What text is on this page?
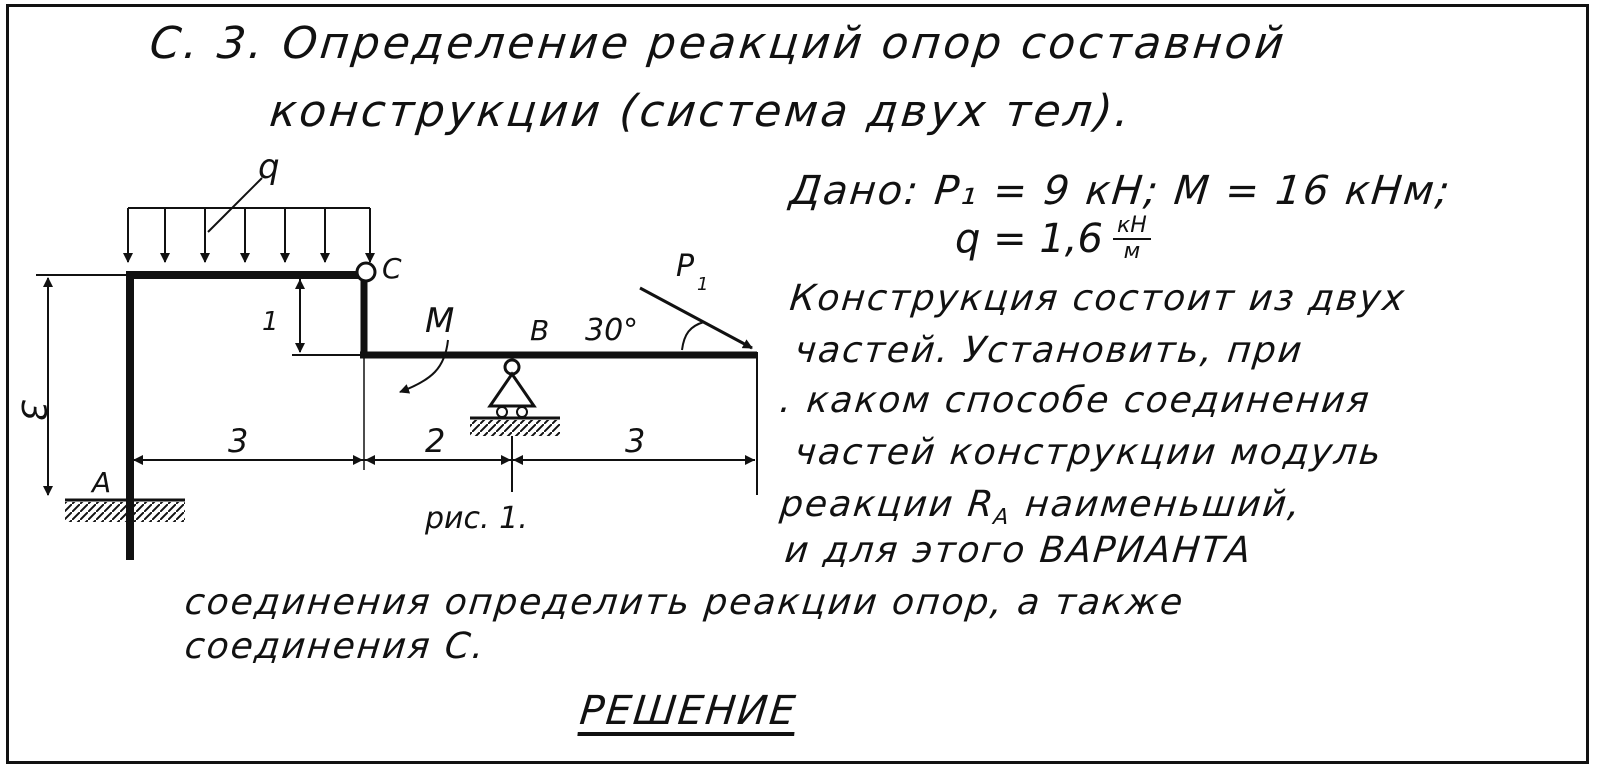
С. 3. Определение реакций опор составной
конструкции (система двух тел).
Дано: P₁ = 9 кН; M = 16 кНм;
$q = 1,6 \frac{кН}{м}$
Конструкция состоит из двух
частей. Установить, при
. каком способе соединения
частей конструкции модуль
реакции $R_A$ наименьший,
и для этого ВАРИАНТА
соединения определить реакции опор, а также
соединения С.
РЕШЕНИЕ
q
C
1	M	B 30°
P
1
A
3
3	2	3
рис. 1.
